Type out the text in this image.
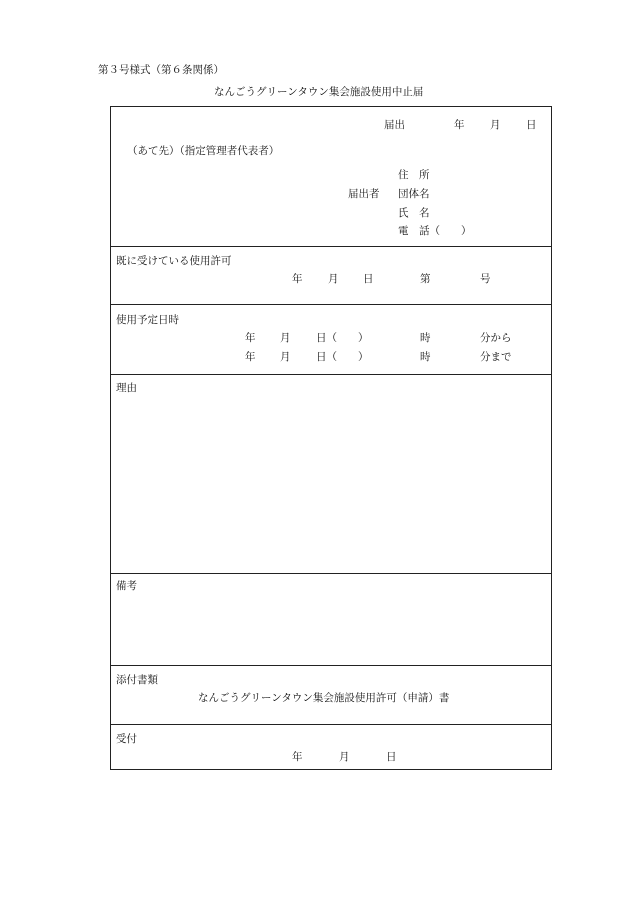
第３号様式（第６条関係）
なんごうグリーンタウン集会施設使用中止届
届出	年 月 日
（あて先）（指定管理者代表者）
住　所
届出者 団体名
氏　名
電　話（　　）
既に受けている使用許可
年 月 日	第	号
使用予定日時
年 月 日（　　）	時	分から
年 月 日（　　）	時	分まで
理由
備考
添付書類
なんごうグリーンタウン集会施設使用許可（申請）書
受付
年	月	日
